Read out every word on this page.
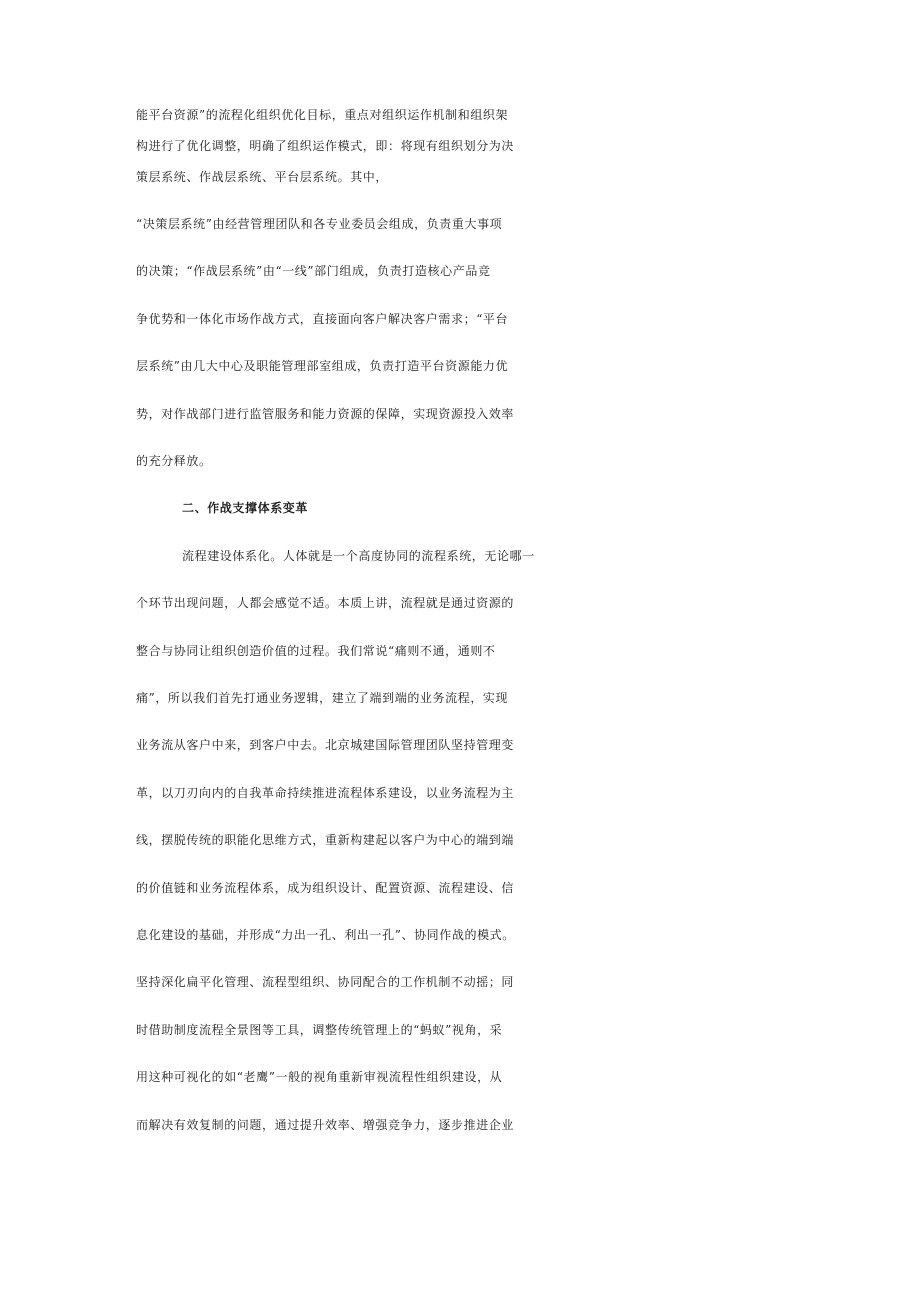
能平台资源”的流程化组织优化目标，重点对组织运作机制和组织架
构进行了优化调整，明确了组织运作模式，即：将现有组织划分为决
策层系统、作战层系统、平台层系统。其中，
“决策层系统”由经营管理团队和各专业委员会组成，负责重大事项
的决策；“作战层系统”由“一线”部门组成，负责打造核心产品竞
争优势和一体化市场作战方式，直接面向客户解决客户需求；“平台
层系统”由几大中心及职能管理部室组成，负责打造平台资源能力优
势，对作战部门进行监管服务和能力资源的保障，实现资源投入效率
的充分释放。
二、作战支撑体系变革
流程建设体系化。人体就是一个高度协同的流程系统，无论哪一
个环节出现问题，人都会感觉不适。本质上讲，流程就是通过资源的
整合与协同让组织创造价值的过程。我们常说“痛则不通，通则不
痛”，所以我们首先打通业务逻辑，建立了端到端的业务流程，实现
业务流从客户中来，到客户中去。北京城建国际管理团队坚持管理变
革，以刀刃向内的自我革命持续推进流程体系建设，以业务流程为主
线，摆脱传统的职能化思维方式，重新构建起以客户为中心的端到端
的价值链和业务流程体系，成为组织设计、配置资源、流程建设、信
息化建设的基础，并形成“力出一孔、利出一孔”、协同作战的模式。
坚持深化扁平化管理、流程型组织、协同配合的工作机制不动摇；同
时借助制度流程全景图等工具，调整传统管理上的“蚂蚁”视角，采
用这种可视化的如“老鹰”一般的视角重新审视流程性组织建设，从
而解决有效复制的问题，通过提升效率、增强竞争力，逐步推进企业
